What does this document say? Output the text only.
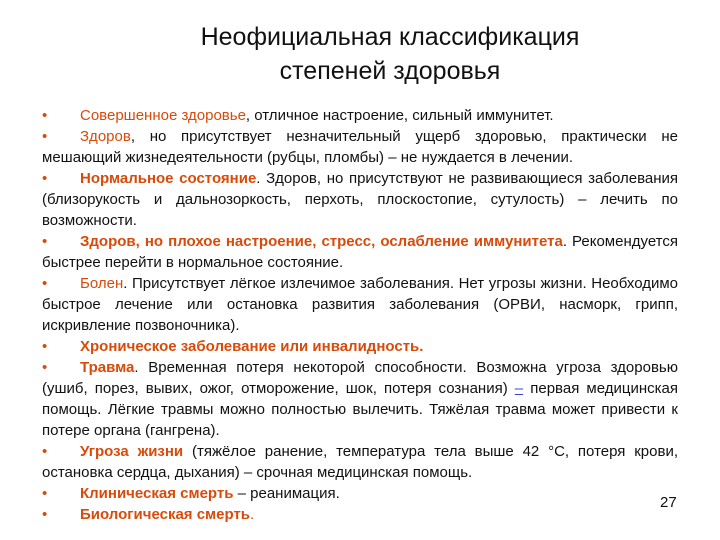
Неофициальная классификация
степеней здоровья

• Совершенное здоровье, отличное настроение, сильный иммунитет.

• Здоров, но присутствует незначительный ущерб здоровью, практически не мешающий жизнедеятельности (рубцы, пломбы) – не нуждается в лечении.

• Нормальное состояние. Здоров, но присутствуют не развивающиеся заболевания (близорукость и дальнозоркость, перхоть, плоскостопие, сутулость) – лечить по возможности.

• Здоров, но плохое настроение, стресс, ослабление иммунитета. Рекомендуется быстрее перейти в нормальное состояние.

• Болен. Присутствует лёгкое излечимое заболевания. Нет угрозы жизни. Необходимо быстрое лечение или остановка развития заболевания (ОРВИ, насморк, грипп, искривление позвоночника).

• Хроническое заболевание или инвалидность.

• Травма. Временная потеря некоторой способности. Возможна угроза здоровью (ушиб, порез, вывих, ожог, отморожение, шок, потеря сознания) – первая медицинская помощь. Лёгкие травмы можно полностью вылечить. Тяжёлая травма может привести к потере органа (гангрена).

• Угроза жизни (тяжёлое ранение, температура тела выше 42 °С, потеря крови, остановка сердца, дыхания) – срочная медицинская помощь.

• Клиническая смерть – реанимация.

• Биологическая смерть.

27
